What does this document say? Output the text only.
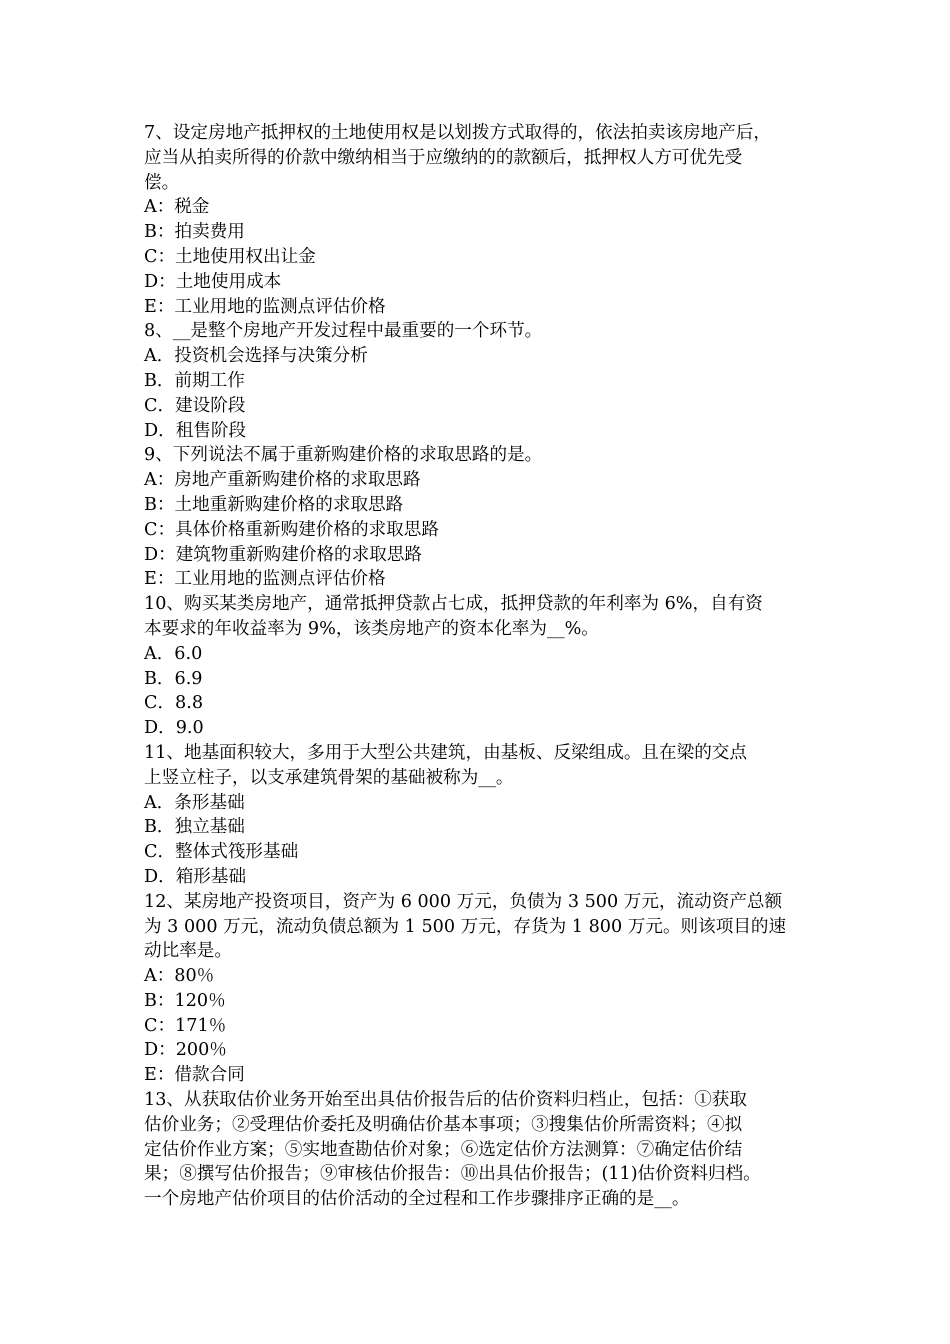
7、设定房地产抵押权的土地使用权是以划拨方式取得的，依法拍卖该房地产后，
应当从拍卖所得的价款中缴纳相当于应缴纳的的款额后，抵押权人方可优先受
偿。
A：税金
B：拍卖费用
C：土地使用权出让金
D：土地使用成本
E：工业用地的监测点评估价格
8、__是整个房地产开发过程中最重要的一个环节。
A．投资机会选择与决策分析
B．前期工作
C．建设阶段
D．租售阶段
9、下列说法不属于重新购建价格的求取思路的是。
A：房地产重新购建价格的求取思路
B：土地重新购建价格的求取思路
C：具体价格重新购建价格的求取思路
D：建筑物重新购建价格的求取思路
E：工业用地的监测点评估价格
10、购买某类房地产，通常抵押贷款占七成，抵押贷款的年利率为 6%，自有资
本要求的年收益率为 9%，该类房地产的资本化率为__%。
A．6.0
B．6.9
C．8.8
D．9.0
11、地基面积较大，多用于大型公共建筑，由基板、反梁组成。且在梁的交点
上竖立柱子，以支承建筑骨架的基础被称为__。
A．条形基础
B．独立基础
C．整体式筏形基础
D．箱形基础
12、某房地产投资项目，资产为 6 000 万元，负债为 3 500 万元，流动资产总额
为 3 000 万元，流动负债总额为 1 500 万元，存货为 1 800 万元。则该项目的速
动比率是。
A：80％
B：120％
C：171％
D：200％
E：借款合同
13、从获取估价业务开始至出具估价报告后的估价资料归档止，包括：①获取
估价业务；②受理估价委托及明确估价基本事项；③搜集估价所需资料；④拟
定估价作业方案；⑤实地查勘估价对象；⑥选定估价方法测算：⑦确定估价结
果；⑧撰写估价报告；⑨审核估价报告：⑩出具估价报告；(11)估价资料归档。
一个房地产估价项目的估价活动的全过程和工作步骤排序正确的是__。
